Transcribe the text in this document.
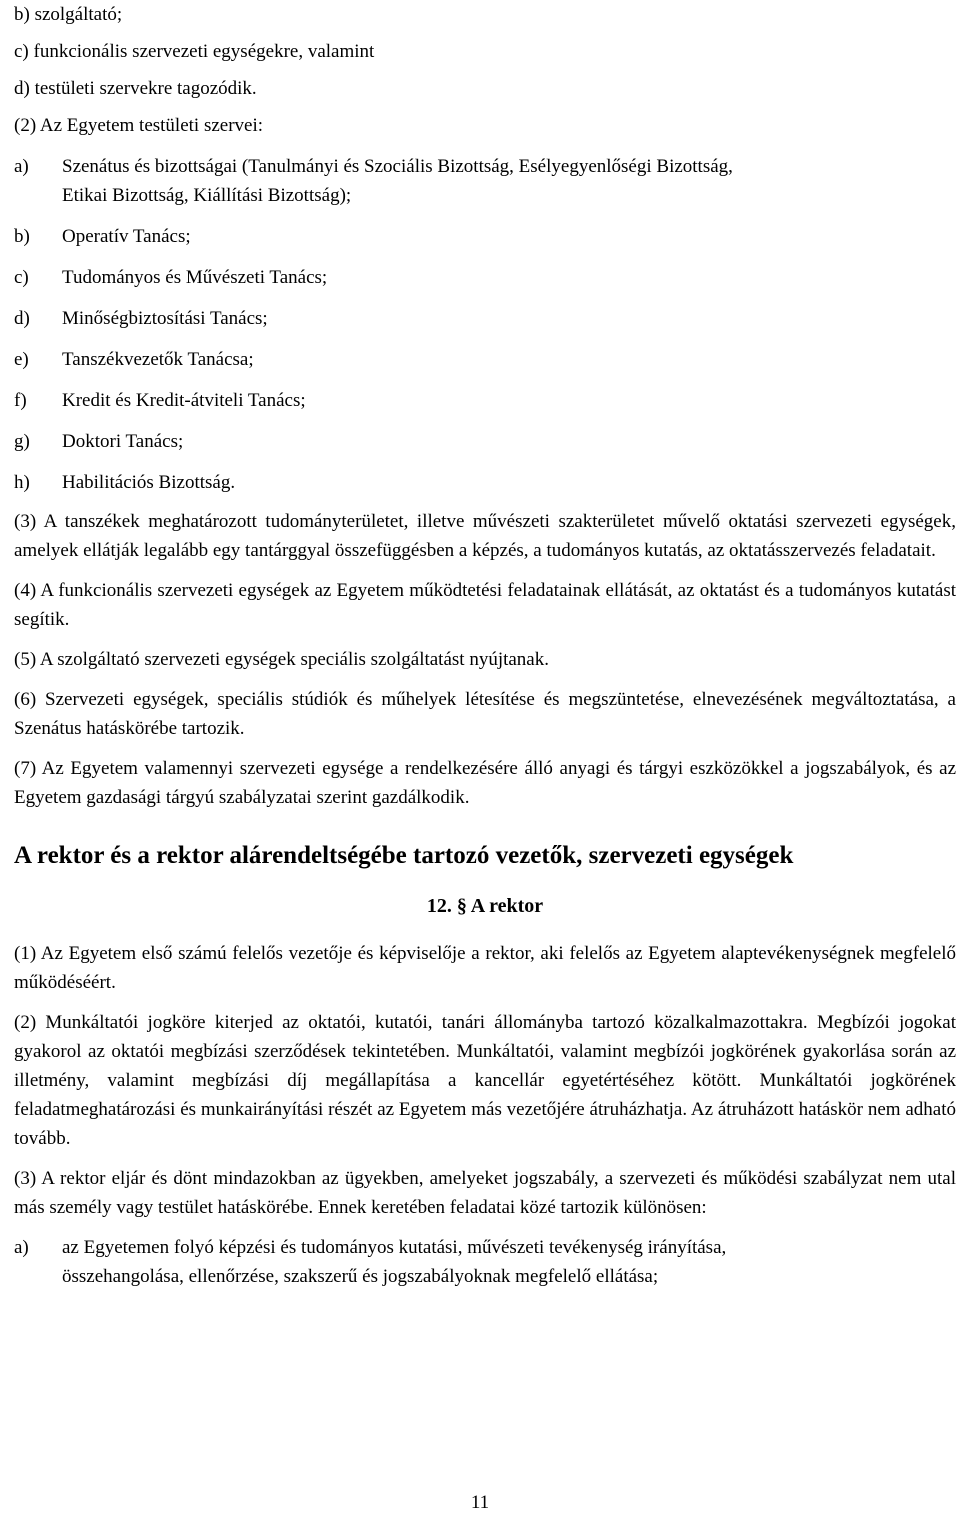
b) szolgáltató;

c) funkcionális szervezeti egységekre, valamint

d) testületi szervekre tagozódik.

(2) Az Egyetem testületi szervei:

a) Szenátus és bizottságai (Tanulmányi és Szociális Bizottság, Esélyegyenlőségi Bizottság,
Etikai Bizottság, Kiállítási Bizottság);
b) Operatív Tanács;
c) Tudományos és Művészeti Tanács;
d) Minőségbiztosítási Tanács;
e) Tanszékvezetők Tanácsa;
f) Kredit és Kredit-átviteli Tanács;
g) Doktori Tanács;
h) Habilitációs Bizottság.

(3) A tanszékek meghatározott tudományterületet, illetve művészeti szakterületet művelő oktatási szervezeti egységek, amelyek ellátják legalább egy tantárggyal összefüggésben a képzés, a tudományos kutatás, az oktatásszervezés feladatait.

(4) A funkcionális szervezeti egységek az Egyetem működtetési feladatainak ellátását, az oktatást és a tudományos kutatást segítik.

(5) A szolgáltató szervezeti egységek speciális szolgáltatást nyújtanak.

(6) Szervezeti egységek, speciális stúdiók és műhelyek létesítése és megszüntetése, elnevezésének megváltoztatása, a Szenátus hatáskörébe tartozik.

(7) Az Egyetem valamennyi szervezeti egysége a rendelkezésére álló anyagi és tárgyi eszközökkel a jogszabályok, és az Egyetem gazdasági tárgyú szabályzatai szerint gazdálkodik.

A rektor és a rektor alárendeltségébe tartozó vezetők, szervezeti egységek
12. § A rektor

(1) Az Egyetem első számú felelős vezetője és képviselője a rektor, aki felelős az Egyetem alaptevékenységnek megfelelő működéséért.

(2) Munkáltatói jogköre kiterjed az oktatói, kutatói, tanári állományba tartozó közalkalmazottakra. Megbízói jogokat gyakorol az oktatói megbízási szerződések tekintetében. Munkáltatói, valamint megbízói jogkörének gyakorlása során az illetmény, valamint megbízási díj megállapítása a kancellár egyetértéséhez kötött. Munkáltatói jogkörének feladatmeghatározási és munkairányítási részét az Egyetem más vezetőjére átruházhatja. Az átruházott hatáskör nem adható tovább.

(3) A rektor eljár és dönt mindazokban az ügyekben, amelyeket jogszabály, a szervezeti és működési szabályzat nem utal más személy vagy testület hatáskörébe. Ennek keretében feladatai közé tartozik különösen:

a) az Egyetemen folyó képzési és tudományos kutatási, művészeti tevékenység irányítása,
összehangolása, ellenőrzése, szakszerű és jogszabályoknak megfelelő ellátása;
11
